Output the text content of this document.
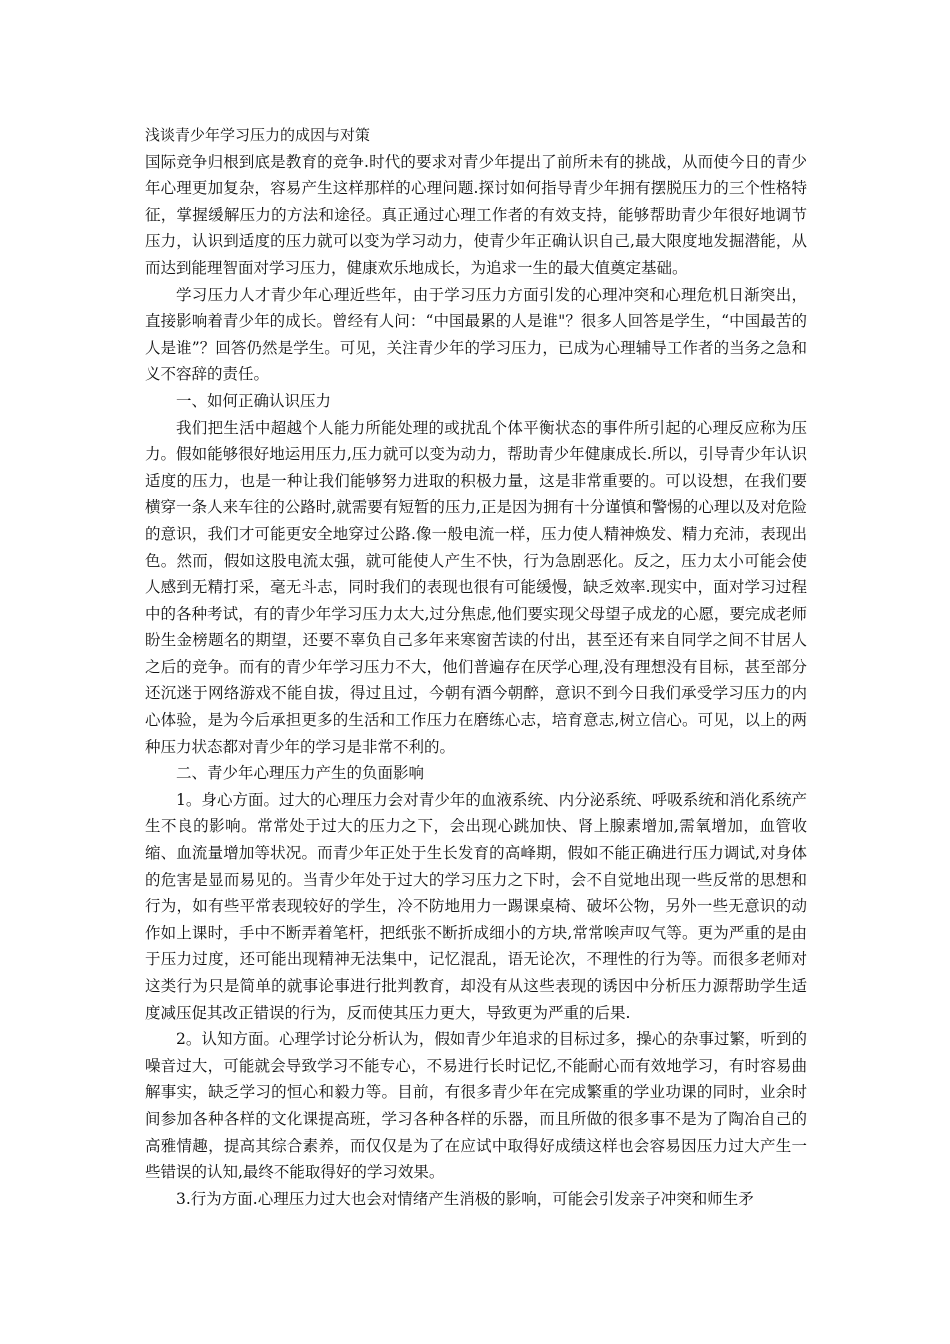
浅谈青少年学习压力的成因与对策

国际竞争归根到底是教育的竞争.时代的要求对青少年提出了前所未有的挑战，从而使今日的青少年心理更加复杂，容易产生这样那样的心理问题.探讨如何指导青少年拥有摆脱压力的三个性格特征，掌握缓解压力的方法和途径。真正通过心理工作者的有效支持，能够帮助青少年很好地调节压力，认识到适度的压力就可以变为学习动力，使青少年正确认识自己,最大限度地发掘潜能，从而达到能理智面对学习压力，健康欢乐地成长，为追求一生的最大值奠定基础。

学习压力人才青少年心理近些年，由于学习压力方面引发的心理冲突和心理危机日渐突出，直接影响着青少年的成长。曾经有人问：“中国最累的人是谁"？很多人回答是学生，“中国最苦的人是谁”？回答仍然是学生。可见，关注青少年的学习压力，已成为心理辅导工作者的当务之急和义不容辞的责任。

一、如何正确认识压力

我们把生活中超越个人能力所能处理的或扰乱个体平衡状态的事件所引起的心理反应称为压力。假如能够很好地运用压力,压力就可以变为动力，帮助青少年健康成长.所以，引导青少年认识适度的压力，也是一种让我们能够努力进取的积极力量，这是非常重要的。可以设想，在我们要横穿一条人来车往的公路时,就需要有短暂的压力,正是因为拥有十分谨慎和警惕的心理以及对危险的意识，我们才可能更安全地穿过公路.像一般电流一样，压力使人精神焕发、精力充沛，表现出色。然而，假如这股电流太强，就可能使人产生不快，行为急剧恶化。反之，压力太小可能会使人感到无精打采，毫无斗志，同时我们的表现也很有可能缓慢，缺乏效率.现实中，面对学习过程中的各种考试，有的青少年学习压力太大,过分焦虑,他们要实现父母望子成龙的心愿，要完成老师盼生金榜题名的期望，还要不辜负自己多年来寒窗苦读的付出，甚至还有来自同学之间不甘居人之后的竞争。而有的青少年学习压力不大，他们普遍存在厌学心理,没有理想没有目标，甚至部分还沉迷于网络游戏不能自拔，得过且过，今朝有酒今朝醉，意识不到今日我们承受学习压力的内心体验，是为今后承担更多的生活和工作压力在磨练心志，培育意志,树立信心。可见，以上的两种压力状态都对青少年的学习是非常不利的。

二、青少年心理压力产生的负面影响

1。身心方面。过大的心理压力会对青少年的血液系统、内分泌系统、呼吸系统和消化系统产生不良的影响。常常处于过大的压力之下，会出现心跳加快、肾上腺素增加,需氧增加，血管收缩、血流量增加等状况。而青少年正处于生长发育的高峰期，假如不能正确进行压力调试,对身体的危害是显而易见的。当青少年处于过大的学习压力之下时，会不自觉地出现一些反常的思想和行为，如有些平常表现较好的学生，冷不防地用力一踢课桌椅、破坏公物，另外一些无意识的动作如上课时，手中不断弄着笔杆，把纸张不断折成细小的方块,常常唉声叹气等。更为严重的是由于压力过度，还可能出现精神无法集中，记忆混乱，语无论次，不理性的行为等。而很多老师对这类行为只是简单的就事论事进行批判教育，却没有从这些表现的诱因中分析压力源帮助学生适度减压促其改正错误的行为，反而使其压力更大，导致更为严重的后果.

2。认知方面。心理学讨论分析认为，假如青少年追求的目标过多，操心的杂事过繁，听到的噪音过大，可能就会导致学习不能专心，不易进行长时记忆,不能耐心而有效地学习，有时容易曲解事实，缺乏学习的恒心和毅力等。目前，有很多青少年在完成繁重的学业功课的同时，业余时间参加各种各样的文化课提高班，学习各种各样的乐器，而且所做的很多事不是为了陶冶自己的高雅情趣，提高其综合素养，而仅仅是为了在应试中取得好成绩这样也会容易因压力过大产生一些错误的认知,最终不能取得好的学习效果。

3.行为方面.心理压力过大也会对情绪产生消极的影响，可能会引发亲子冲突和师生矛
